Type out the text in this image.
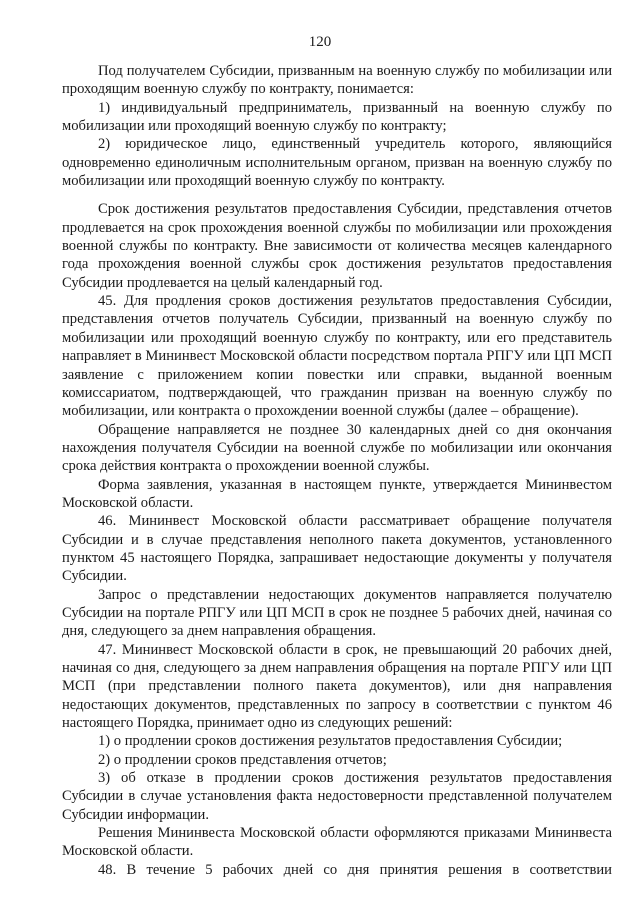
120

Под получателем Субсидии, призванным на военную службу по мобилизации или проходящим военную службу по контракту, понимается:

1) индивидуальный предприниматель, призванный на военную службу по мобилизации или проходящий военную службу по контракту;

2) юридическое лицо, единственный учредитель которого, являющийся одновременно единоличным исполнительным органом, призван на военную службу по мобилизации или проходящий военную службу по контракту.

Срок достижения результатов предоставления Субсидии, представления отчетов продлевается на срок прохождения военной службы по мобилизации или прохождения военной службы по контракту. Вне зависимости от количества месяцев календарного года прохождения военной службы срок достижения результатов предоставления Субсидии продлевается на целый календарный год.

45. Для продления сроков достижения результатов предоставления Субсидии, представления отчетов получатель Субсидии, призванный на военную службу по мобилизации или проходящий военную службу по контракту, или его представитель направляет в Мининвест Московской области посредством портала РПГУ или ЦП МСП заявление с приложением копии повестки или справки, выданной военным комиссариатом, подтверждающей, что гражданин призван на военную службу по мобилизации, или контракта о прохождении военной службы (далее – обращение).

Обращение направляется не позднее 30 календарных дней со дня окончания нахождения получателя Субсидии на военной службе по мобилизации или окончания срока действия контракта о прохождении военной службы.

Форма заявления, указанная в настоящем пункте, утверждается Мининвестом Московской области.

46. Мининвест Московской области рассматривает обращение получателя Субсидии и в случае представления неполного пакета документов, установленного пунктом 45 настоящего Порядка, запрашивает недостающие документы у получателя Субсидии.

Запрос о представлении недостающих документов направляется получателю Субсидии на портале РПГУ или ЦП МСП в срок не позднее 5 рабочих дней, начиная со дня, следующего за днем направления обращения.

47. Мининвест Московской области в срок, не превышающий 20 рабочих дней, начиная со дня, следующего за днем направления обращения на портале РПГУ или ЦП МСП (при представлении полного пакета документов), или дня направления недостающих документов, представленных по запросу в соответствии с пунктом 46 настоящего Порядка, принимает одно из следующих решений:

1) о продлении сроков достижения результатов предоставления Субсидии;

2) о продлении сроков представления отчетов;

3) об отказе в продлении сроков достижения результатов предоставления Субсидии в случае установления факта недостоверности представленной получателем Субсидии информации.

Решения Мининвеста Московской области оформляются приказами Мининвеста Московской области.

48. В течение 5 рабочих дней со дня принятия решения в соответствии
